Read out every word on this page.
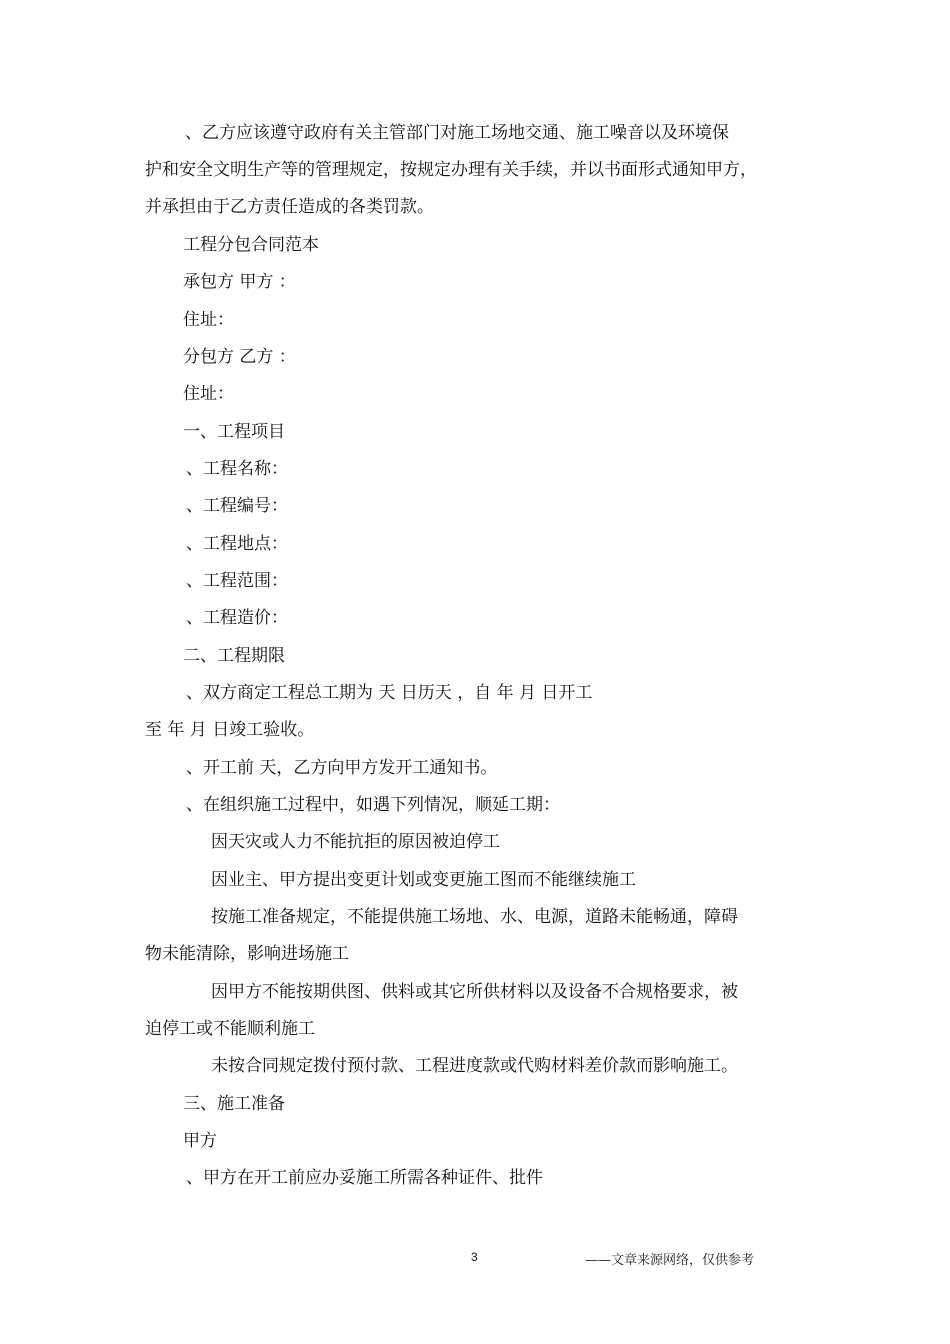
、乙方应该遵守政府有关主管部门对施工场地交通、施工噪音以及环境保
护和安全文明生产等的管理规定，按规定办理有关手续，并以书面形式通知甲方，
并承担由于乙方责任造成的各类罚款。
工程分包合同范本
承包方 甲方 ：
住址：
分包方 乙方 ：
住址：
一、工程项目
、工程名称：
、工程编号：
、工程地点：
、工程范围：
、工程造价：
二、工程期限
、双方商定工程总工期为 天 日历天 ，自 年 月 日开工
至 年 月 日竣工验收。
、开工前 天，乙方向甲方发开工通知书。
、在组织施工过程中，如遇下列情况，顺延工期：
因天灾或人力不能抗拒的原因被迫停工
因业主、甲方提出变更计划或变更施工图而不能继续施工
按施工准备规定，不能提供施工场地、水、电源，道路未能畅通，障碍
物未能清除，影响进场施工
因甲方不能按期供图、供料或其它所供材料以及设备不合规格要求，被
迫停工或不能顺利施工
未按合同规定拨付预付款、工程进度款或代购材料差价款而影响施工。
三、施工准备
甲方
、甲方在开工前应办妥施工所需各种证件、批件
3	——文章来源网络，仅供参考
